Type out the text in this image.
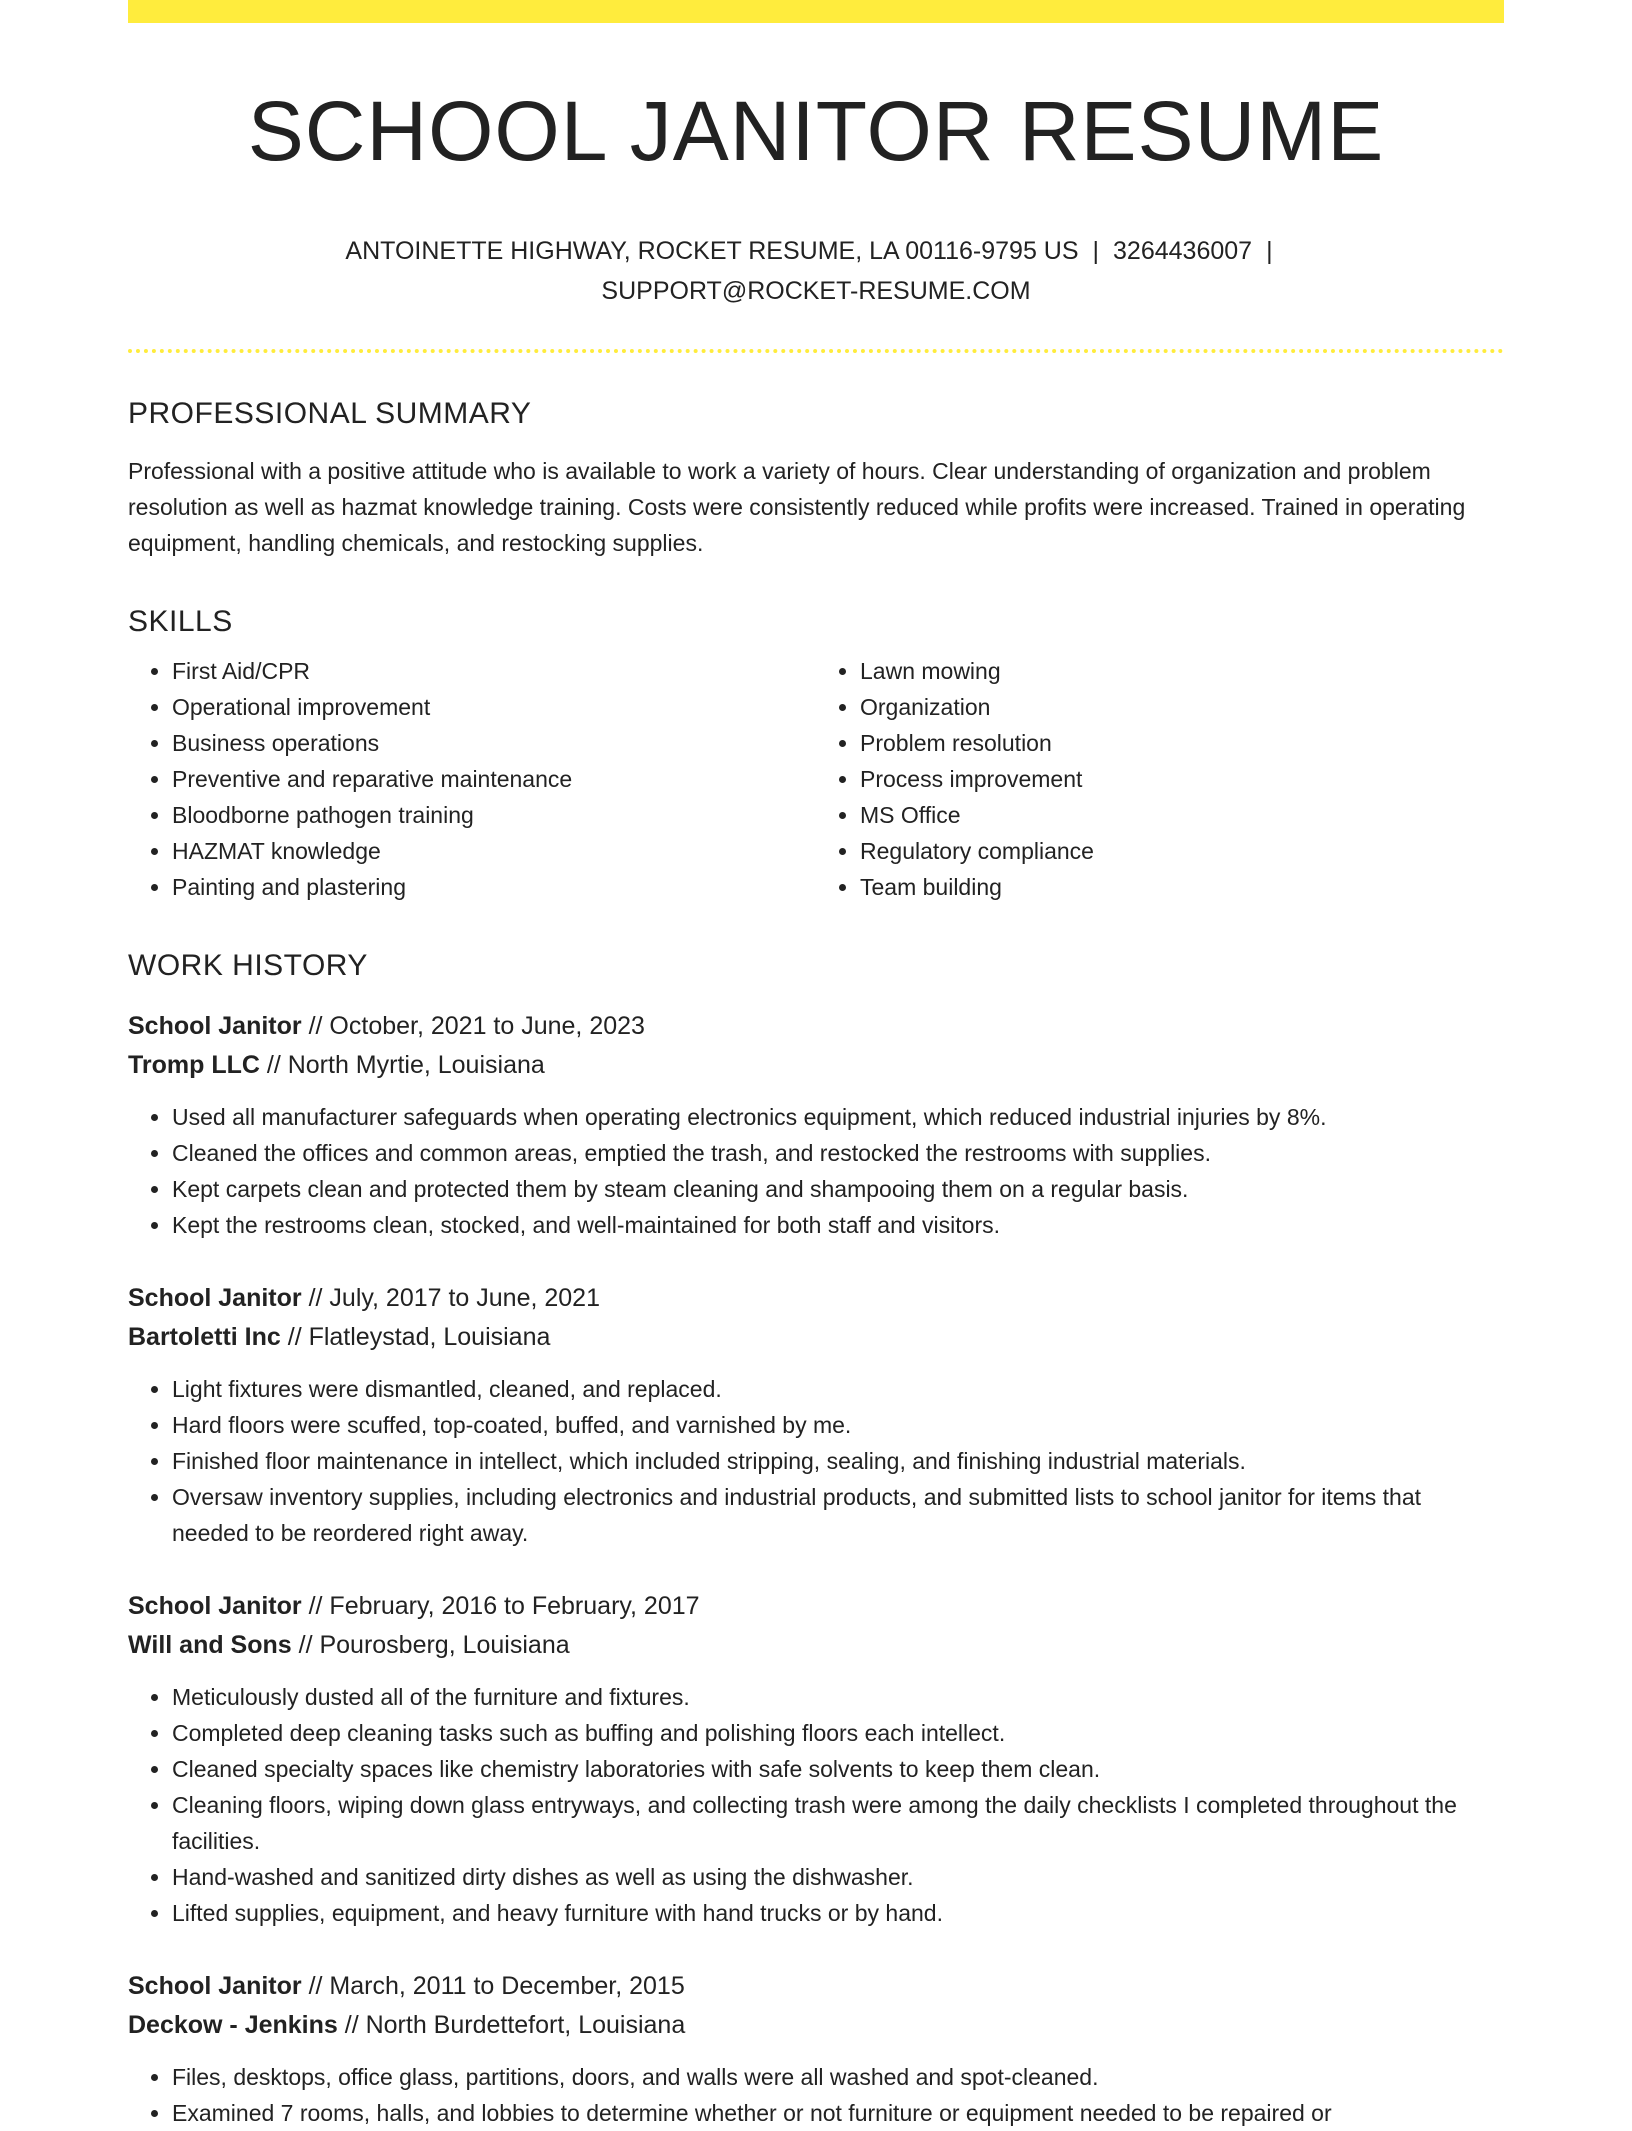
SCHOOL JANITOR RESUME
ANTOINETTE HIGHWAY, ROCKET RESUME, LA 00116-9795 US | 3264436007 |
SUPPORT@ROCKET-RESUME.COM
PROFESSIONAL SUMMARY

Professional with a positive attitude who is available to work a variety of hours. Clear understanding of organization and problem resolution as well as hazmat knowledge training. Costs were consistently reduced while profits were increased. Trained in operating equipment, handling chemicals, and restocking supplies.

SKILLS
• First Aid/CPR
• Operational improvement
• Business operations
• Preventive and reparative maintenance
• Bloodborne pathogen training
• HAZMAT knowledge
• Painting and plastering
• Lawn mowing
• Organization
• Problem resolution
• Process improvement
• MS Office
• Regulatory compliance
• Team building
WORK HISTORY
School Janitor // October, 2021 to June, 2023
Tromp LLC // North Myrtie, Louisiana
• Used all manufacturer safeguards when operating electronics equipment, which reduced industrial injuries by 8%.
• Cleaned the offices and common areas, emptied the trash, and restocked the restrooms with supplies.
• Kept carpets clean and protected them by steam cleaning and shampooing them on a regular basis.
• Kept the restrooms clean, stocked, and well-maintained for both staff and visitors.
School Janitor // July, 2017 to June, 2021
Bartoletti Inc // Flatleystad, Louisiana
• Light fixtures were dismantled, cleaned, and replaced.
• Hard floors were scuffed, top-coated, buffed, and varnished by me.
• Finished floor maintenance in intellect, which included stripping, sealing, and finishing industrial materials.
• Oversaw inventory supplies, including electronics and industrial products, and submitted lists to school janitor for items that needed to be reordered right away.
School Janitor // February, 2016 to February, 2017
Will and Sons // Pourosberg, Louisiana
• Meticulously dusted all of the furniture and fixtures.
• Completed deep cleaning tasks such as buffing and polishing floors each intellect.
• Cleaned specialty spaces like chemistry laboratories with safe solvents to keep them clean.
• Cleaning floors, wiping down glass entryways, and collecting trash were among the daily checklists I completed throughout the facilities.
• Hand-washed and sanitized dirty dishes as well as using the dishwasher.
• Lifted supplies, equipment, and heavy furniture with hand trucks or by hand.
School Janitor // March, 2011 to December, 2015
Deckow - Jenkins // North Burdettefort, Louisiana
• Files, desktops, office glass, partitions, doors, and walls were all washed and spot-cleaned.
• Examined 7 rooms, halls, and lobbies to determine whether or not furniture or equipment needed to be repaired or
